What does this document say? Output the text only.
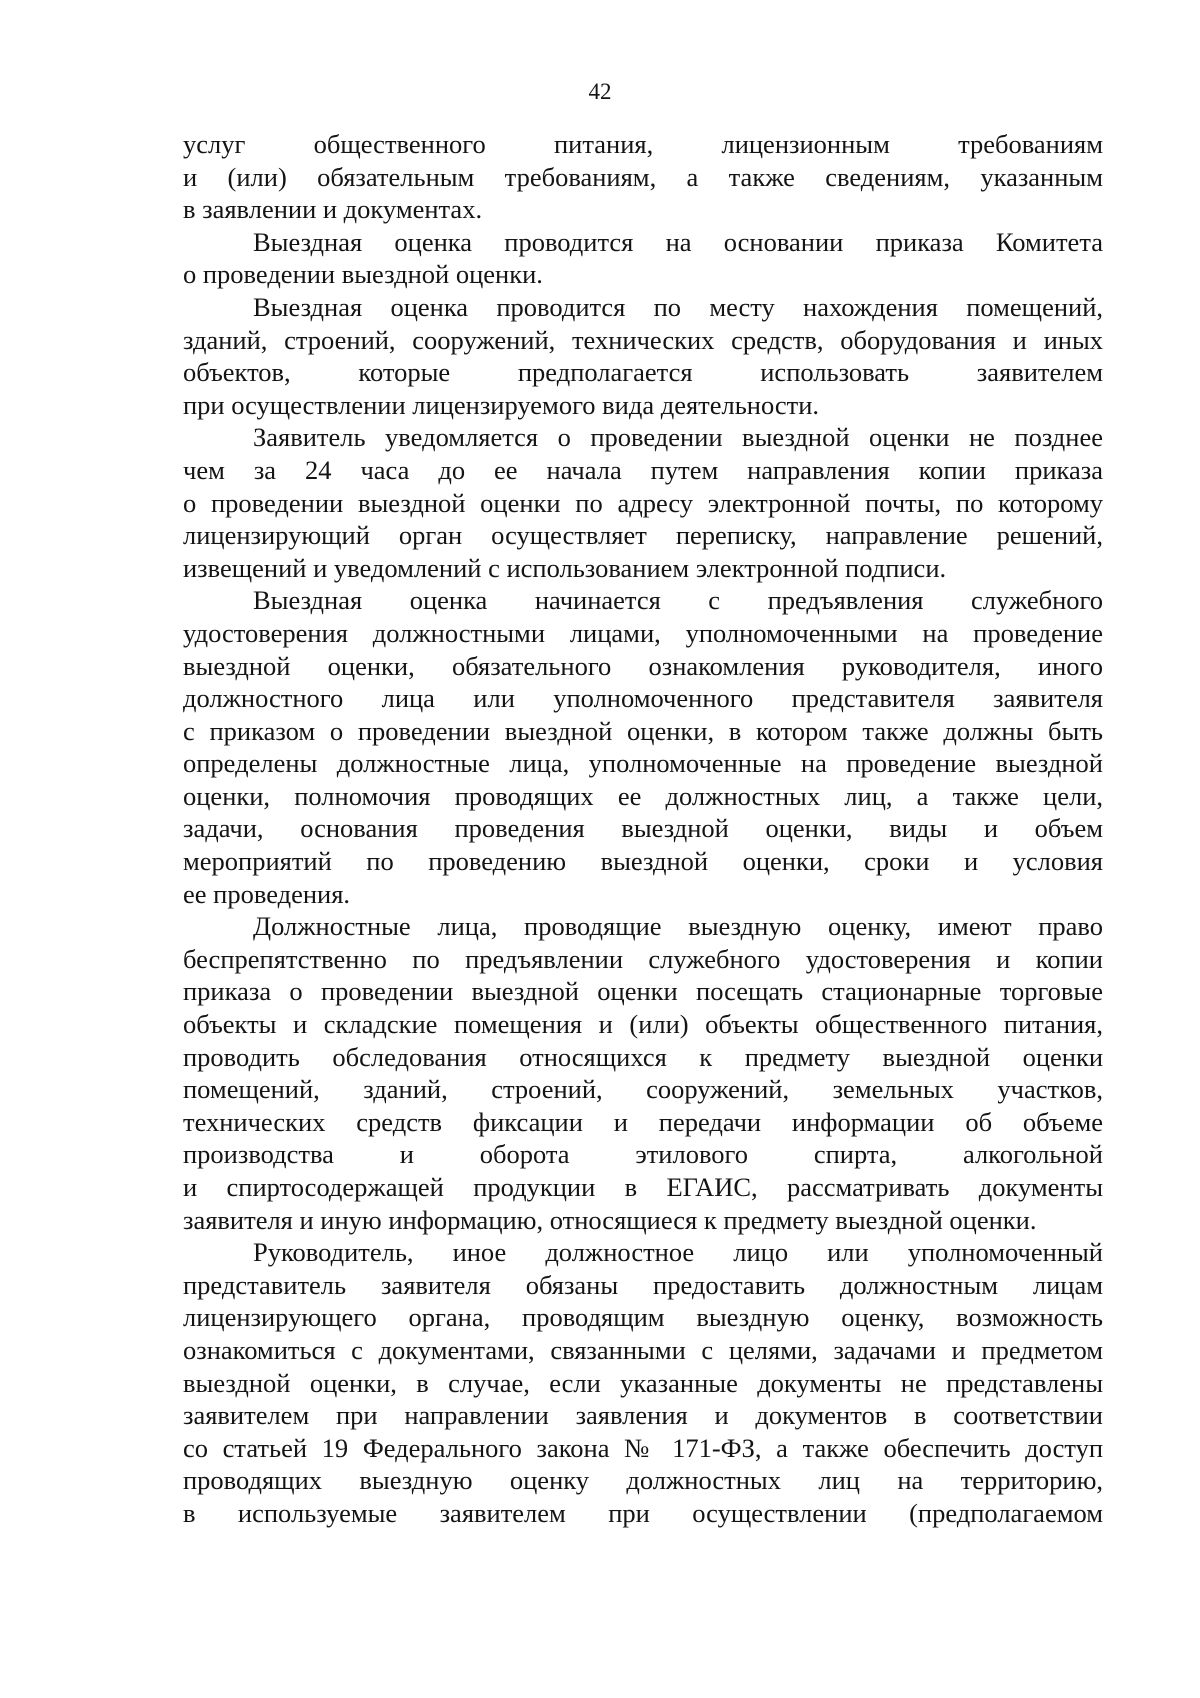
42

услуг общественного питания, лицензионным требованиям
и (или) обязательным требованиям, а также сведениям, указанным
в заявлении и документах.

Выездная оценка проводится на основании приказа Комитета
о проведении выездной оценки.

Выездная оценка проводится по месту нахождения помещений,
зданий, строений, сооружений, технических средств, оборудования и иных
объектов, которые предполагается использовать заявителем
при осуществлении лицензируемого вида деятельности.

Заявитель уведомляется о проведении выездной оценки не позднее
чем за 24 часа до ее начала путем направления копии приказа
о проведении выездной оценки по адресу электронной почты, по которому
лицензирующий орган осуществляет переписку, направление решений,
извещений и уведомлений с использованием электронной подписи.

Выездная оценка начинается с предъявления служебного
удостоверения должностными лицами, уполномоченными на проведение
выездной оценки, обязательного ознакомления руководителя, иного
должностного лица или уполномоченного представителя заявителя
с приказом о проведении выездной оценки, в котором также должны быть
определены должностные лица, уполномоченные на проведение выездной
оценки, полномочия проводящих ее должностных лиц, а также цели,
задачи, основания проведения выездной оценки, виды и объем
мероприятий по проведению выездной оценки, сроки и условия
ее проведения.

Должностные лица, проводящие выездную оценку, имеют право
беспрепятственно по предъявлении служебного удостоверения и копии
приказа о проведении выездной оценки посещать стационарные торговые
объекты и складские помещения и (или) объекты общественного питания,
проводить обследования относящихся к предмету выездной оценки
помещений, зданий, строений, сооружений, земельных участков,
технических средств фиксации и передачи информации об объеме
производства и оборота этилового спирта, алкогольной
и спиртосодержащей продукции в ЕГАИС, рассматривать документы
заявителя и иную информацию, относящиеся к предмету выездной оценки.

Руководитель, иное должностное лицо или уполномоченный
представитель заявителя обязаны предоставить должностным лицам
лицензирующего органа, проводящим выездную оценку, возможность
ознакомиться с документами, связанными с целями, задачами и предметом
выездной оценки, в случае, если указанные документы не представлены
заявителем при направлении заявления и документов в соответствии
со статьей 19 Федерального закона № 171-ФЗ, а также обеспечить доступ
проводящих выездную оценку должностных лиц на территорию,
в используемые заявителем при осуществлении (предполагаемом
